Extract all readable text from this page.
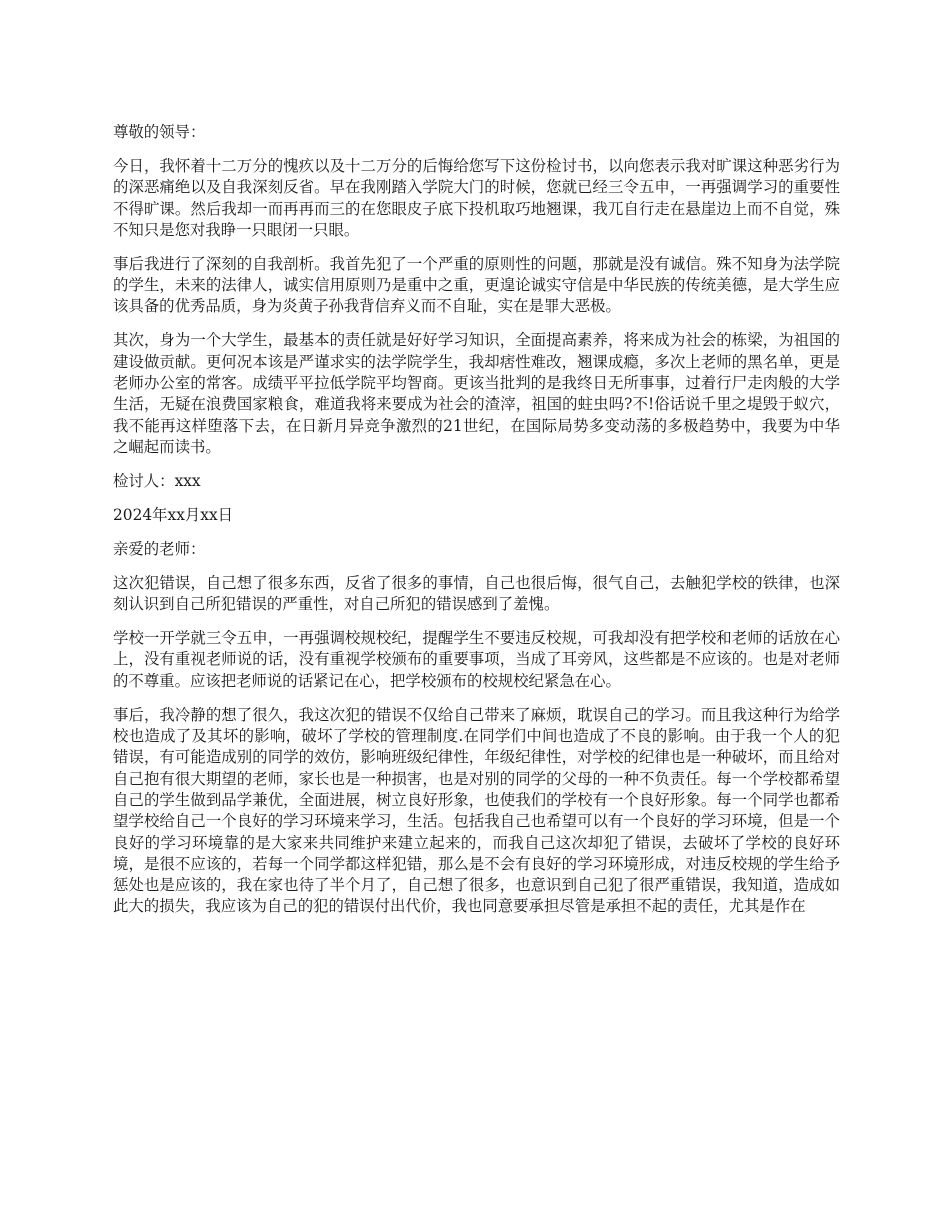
尊敬的领导：

今日，我怀着十二万分的愧疚以及十二万分的后悔给您写下这份检讨书，以向您表示我对旷课这种恶劣行为的深恶痛绝以及自我深刻反省。早在我刚踏入学院大门的时候，您就已经三令五申，一再强调学习的重要性不得旷课。然后我却一而再再而三的在您眼皮子底下投机取巧地翘课，我兀自行走在悬崖边上而不自觉，殊不知只是您对我睁一只眼闭一只眼。

事后我进行了深刻的自我剖析。我首先犯了一个严重的原则性的问题，那就是没有诚信。殊不知身为法学院的学生，未来的法律人，诚实信用原则乃是重中之重，更遑论诚实守信是中华民族的传统美德，是大学生应该具备的优秀品质，身为炎黄子孙我背信弃义而不自耻，实在是罪大恶极。

其次，身为一个大学生，最基本的责任就是好好学习知识，全面提高素养，将来成为社会的栋梁，为祖国的建设做贡献。更何况本该是严谨求实的法学院学生，我却痞性难改，翘课成瘾，多次上老师的黑名单，更是老师办公室的常客。成绩平平拉低学院平均智商。更该当批判的是我终日无所事事，过着行尸走肉般的大学生活，无疑在浪费国家粮食，难道我将来要成为社会的渣滓，祖国的蛀虫吗?不!俗话说千里之堤毁于蚁穴，我不能再这样堕落下去，在日新月异竞争激烈的21世纪，在国际局势多变动荡的多极趋势中，我要为中华之崛起而读书。

检讨人：xxx

2024年xx月xx日

亲爱的老师：

这次犯错误，自己想了很多东西，反省了很多的事情，自己也很后悔，很气自己，去触犯学校的铁律，也深刻认识到自己所犯错误的严重性，对自己所犯的错误感到了羞愧。

学校一开学就三令五申，一再强调校规校纪，提醒学生不要违反校规，可我却没有把学校和老师的话放在心上，没有重视老师说的话，没有重视学校颁布的重要事项，当成了耳旁风，这些都是不应该的。也是对老师的不尊重。应该把老师说的话紧记在心，把学校颁布的校规校纪紧急在心。

事后，我冷静的想了很久，我这次犯的错误不仅给自己带来了麻烦，耽误自己的学习。而且我这种行为给学校也造成了及其坏的影响，破坏了学校的管理制度.在同学们中间也造成了不良的影响。由于我一个人的犯错误，有可能造成别的同学的效仿，影响班级纪律性，年级纪律性，对学校的纪律也是一种破坏，而且给对自己抱有很大期望的老师，家长也是一种损害，也是对别的同学的父母的一种不负责任。每一个学校都希望自己的学生做到品学兼优，全面进展，树立良好形象，也使我们的学校有一个良好形象。每一个同学也都希望学校给自己一个良好的学习环境来学习，生活。包括我自己也希望可以有一个良好的学习环境，但是一个良好的学习环境靠的是大家来共同维护来建立起来的，而我自己这次却犯了错误，去破坏了学校的良好环境，是很不应该的，若每一个同学都这样犯错，那么是不会有良好的学习环境形成，对违反校规的学生给予惩处也是应该的，我在家也待了半个月了，自己想了很多，也意识到自己犯了很严重错误，我知道，造成如此大的损失，我应该为自己的犯的错误付出代价，我也同意要承担尽管是承担不起的责任，尤其是作在
